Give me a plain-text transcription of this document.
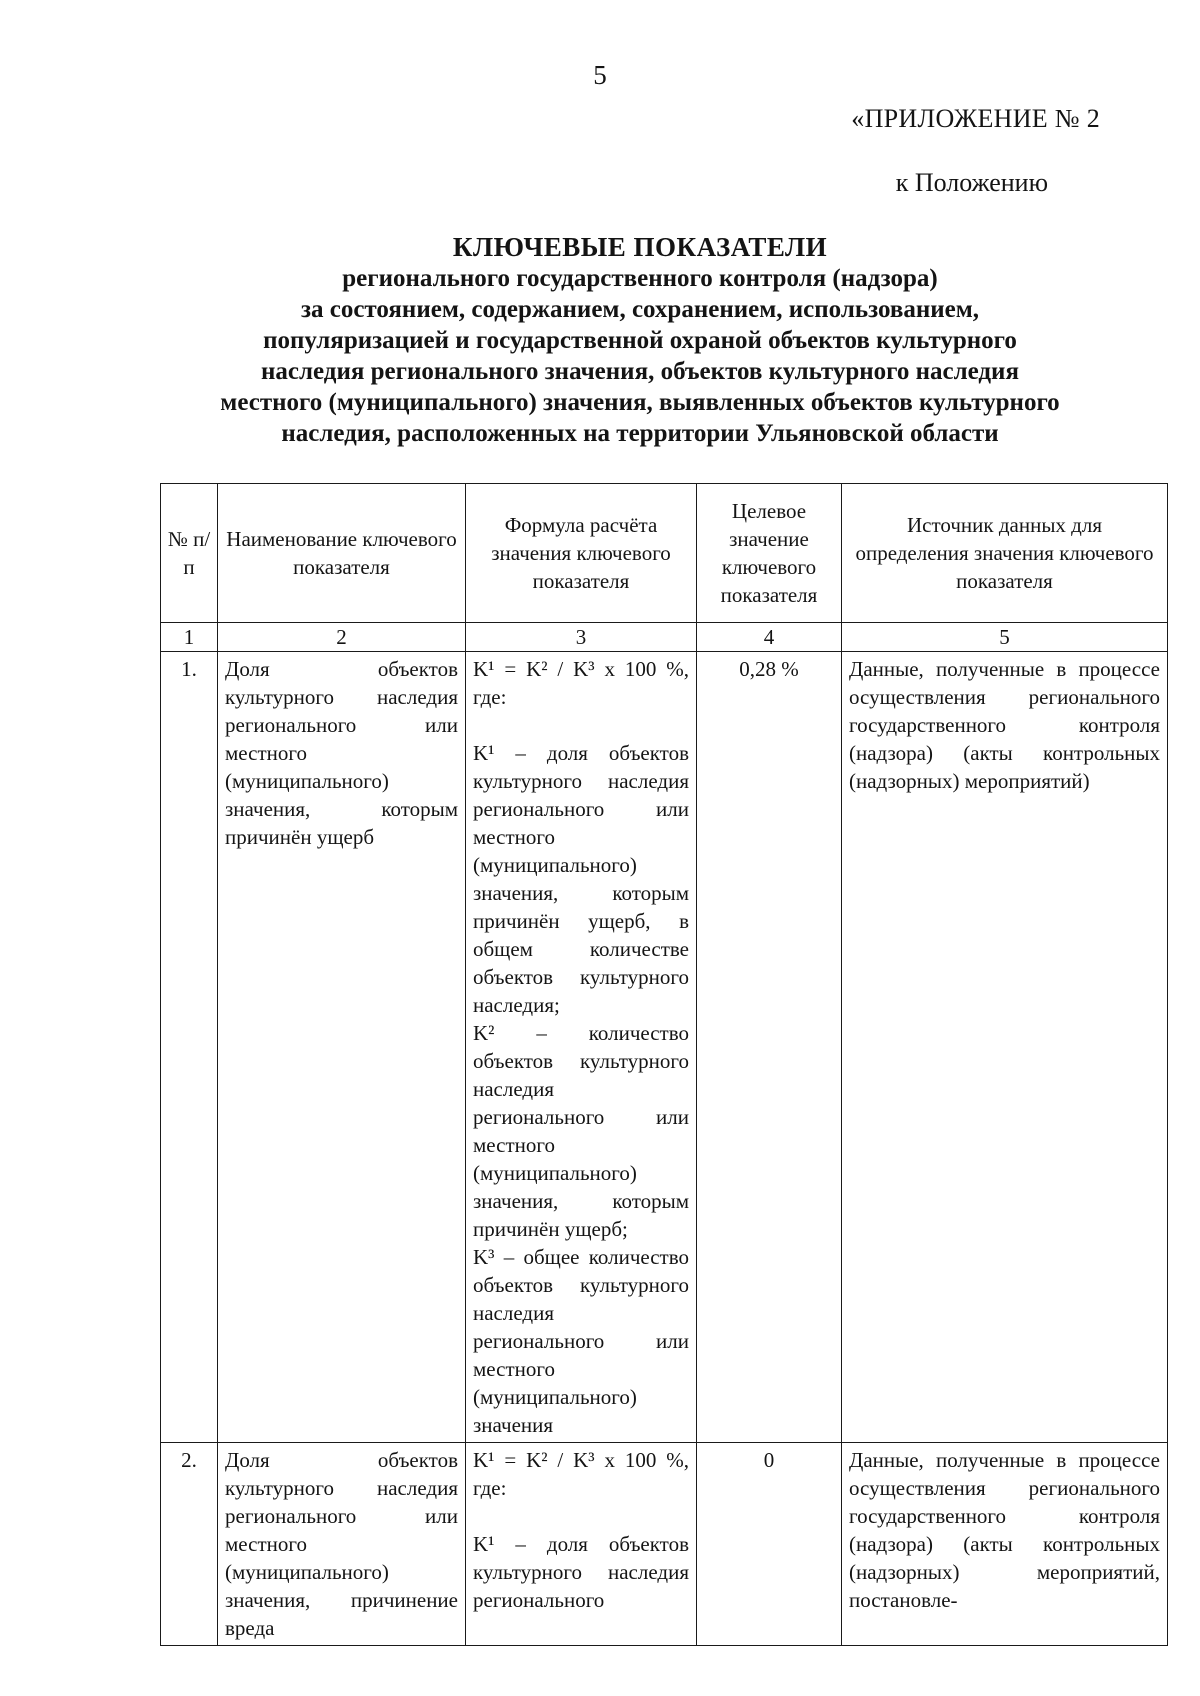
5
«ПРИЛОЖЕНИЕ № 2
к Положению
КЛЮЧЕВЫЕ ПОКАЗАТЕЛИ
регионального государственного контроля (надзора)
за состоянием, содержанием, сохранением, использованием,
популяризацией и государственной охраной объектов культурного
наследия регионального значения, объектов культурного наследия
местного (муниципального) значения, выявленных объектов культурного
наследия, расположенных на территории Ульяновской области
№ п/п	Наименование ключевого показателя	Формула расчёта значения ключевого показателя	Целевое значение ключевого показателя	Источник данных для определения значения ключевого показателя
1	2	3	4	5
1.	Доля объектов культурного наследия регионального или местного (муниципального) значения, которым причинён ущерб	K¹ = K² / K³ x 100 %, где:
K¹ – доля объектов культурного наследия регионального или местного (муниципального) значения, которым причинён ущерб, в общем количестве объектов культурного наследия;
K² – количество объектов культурного наследия регионального или местного (муниципального) значения, которым причинён ущерб;
K³ – общее количество объектов культурного наследия регионального или местного (муниципального) значения	0,28 %	Данные, полученные в процессе осуществления регионального государственного контроля (надзора) (акты контрольных (надзорных) мероприятий)
2.	Доля объектов культурного наследия регионального или местного (муниципального) значения, причинение вреда	K¹ = K² / K³ x 100 %, где:
K¹ – доля объектов культурного наследия регионального	0	Данные, полученные в процессе осуществления регионального государственного контроля (надзора) (акты контрольных (надзорных) мероприятий, постановле-
